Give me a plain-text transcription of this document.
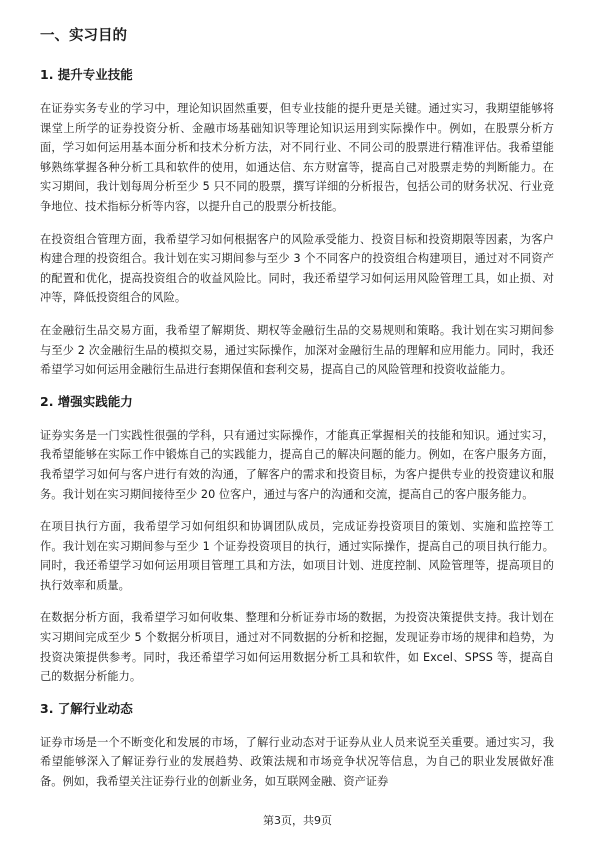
一、实习目的
1. 提升专业技能

在证券实务专业的学习中，理论知识固然重要，但专业技能的提升更是关键。通过实习，我期望能够将课堂上所学的证券投资分析、金融市场基础知识等理论知识运用到实际操作中。例如，在股票分析方面，学习如何运用基本面分析和技术分析方法，对不同行业、不同公司的股票进行精准评估。我希望能够熟练掌握各种分析工具和软件的使用，如通达信、东方财富等，提高自己对股票走势的判断能力。在实习期间，我计划每周分析至少 5 只不同的股票，撰写详细的分析报告，包括公司的财务状况、行业竞争地位、技术指标分析等内容，以提升自己的股票分析技能。

在投资组合管理方面，我希望学习如何根据客户的风险承受能力、投资目标和投资期限等因素，为客户构建合理的投资组合。我计划在实习期间参与至少 3 个不同客户的投资组合构建项目，通过对不同资产的配置和优化，提高投资组合的收益风险比。同时，我还希望学习如何运用风险管理工具，如止损、对冲等，降低投资组合的风险。

在金融衍生品交易方面，我希望了解期货、期权等金融衍生品的交易规则和策略。我计划在实习期间参与至少 2 次金融衍生品的模拟交易，通过实际操作，加深对金融衍生品的理解和应用能力。同时，我还希望学习如何运用金融衍生品进行套期保值和套利交易，提高自己的风险管理和投资收益能力。

2. 增强实践能力

证券实务是一门实践性很强的学科，只有通过实际操作，才能真正掌握相关的技能和知识。通过实习，我希望能够在实际工作中锻炼自己的实践能力，提高自己的解决问题的能力。例如，在客户服务方面，我希望学习如何与客户进行有效的沟通，了解客户的需求和投资目标，为客户提供专业的投资建议和服务。我计划在实习期间接待至少 20 位客户，通过与客户的沟通和交流，提高自己的客户服务能力。

在项目执行方面，我希望学习如何组织和协调团队成员，完成证券投资项目的策划、实施和监控等工作。我计划在实习期间参与至少 1 个证券投资项目的执行，通过实际操作，提高自己的项目执行能力。同时，我还希望学习如何运用项目管理工具和方法，如项目计划、进度控制、风险管理等，提高项目的执行效率和质量。

在数据分析方面，我希望学习如何收集、整理和分析证券市场的数据，为投资决策提供支持。我计划在实习期间完成至少 5 个数据分析项目，通过对不同数据的分析和挖掘，发现证券市场的规律和趋势，为投资决策提供参考。同时，我还希望学习如何运用数据分析工具和软件，如 Excel、SPSS 等，提高自己的数据分析能力。

3. 了解行业动态

证券市场是一个不断变化和发展的市场，了解行业动态对于证券从业人员来说至关重要。通过实习，我希望能够深入了解证券行业的发展趋势、政策法规和市场竞争状况等信息，为自己的职业发展做好准备。例如，我希望关注证券行业的创新业务，如互联网金融、资产证券

第3页，共9页
